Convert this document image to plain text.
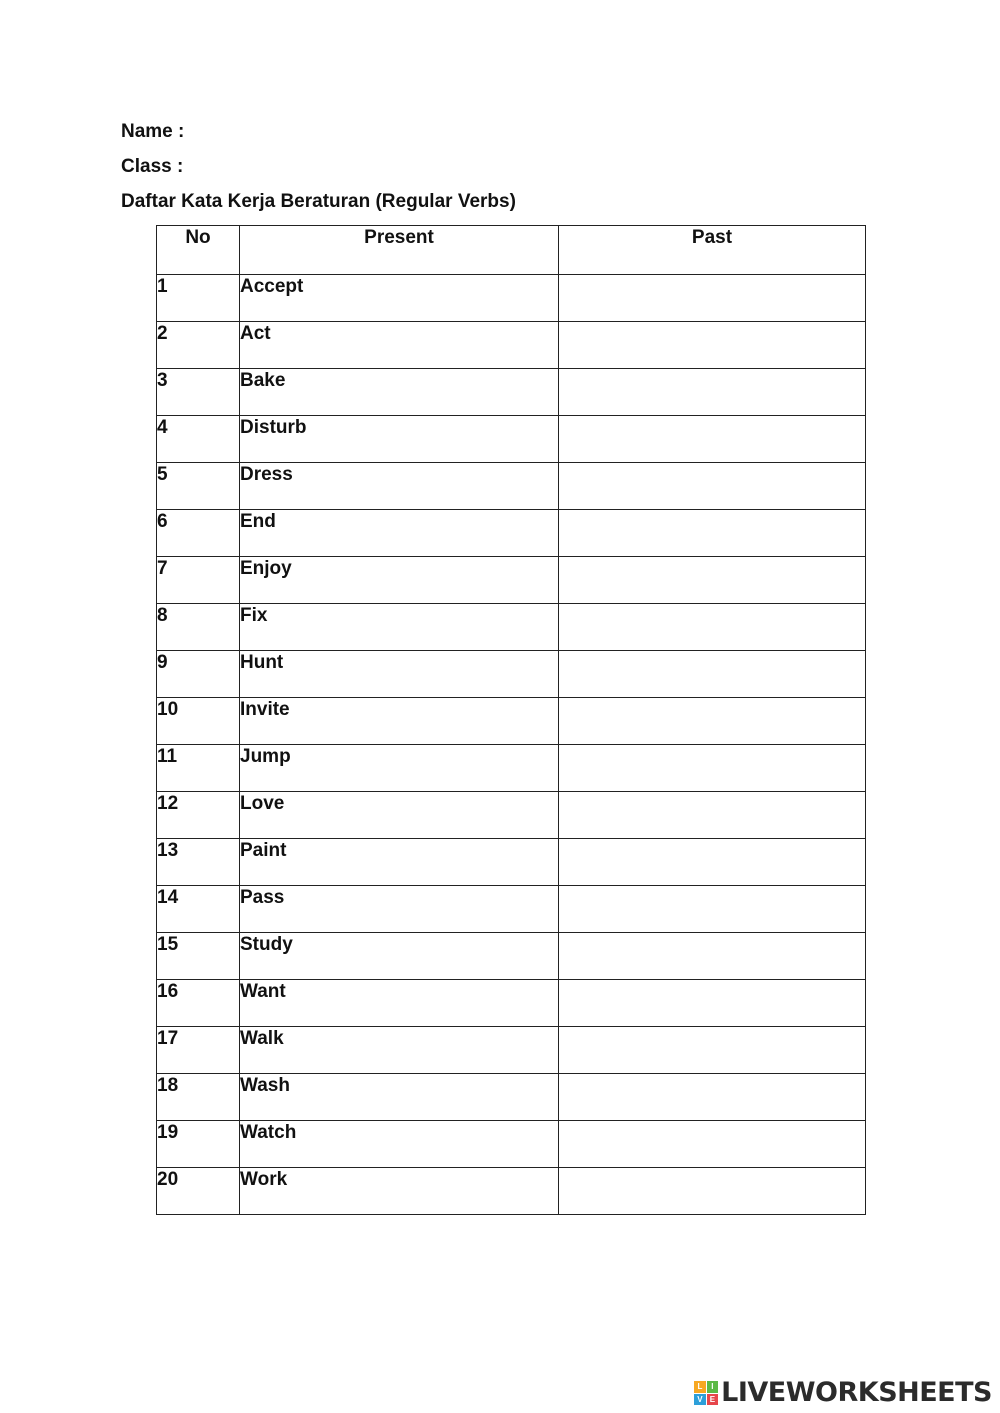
Name :
Class :
Daftar Kata Kerja Beraturan (Regular Verbs)
No	Present	Past
1	Accept	
2	Act	
3	Bake	
4	Disturb	
5	Dress	
6	End	
7	Enjoy	
8	Fix	
9	Hunt	
10	Invite	
11	Jump	
12	Love	
13	Paint	
14	Pass	
15	Study	
16	Want	
17	Walk	
18	Wash	
19	Watch	
20	Work	
L	I
V E LIVEWORKSHEETS
